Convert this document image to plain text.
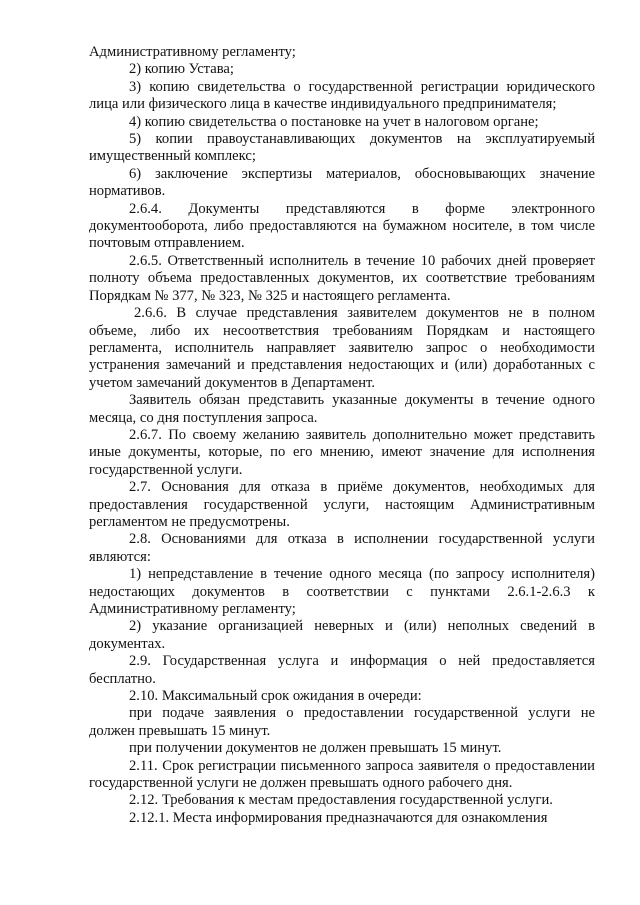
Административному регламенту;

2) копию Устава;

3) копию свидетельства о государственной регистрации юридического лица или физического лица в качестве индивидуального предпринимателя;

4) копию свидетельства о постановке на учет в налоговом органе;

5) копии правоустанавливающих документов на эксплуатируемый имущественный комплекс;

6) заключение экспертизы материалов, обосновывающих значение нормативов.

2.6.4. Документы представляются в форме электронного документооборота, либо предоставляются на бумажном носителе, в том числе почтовым отправлением.

2.6.5. Ответственный исполнитель в течение 10 рабочих дней проверяет полноту объема предоставленных документов, их соответствие требованиям Порядкам № 377, № 323, № 325 и настоящего регламента.

2.6.6. В случае представления заявителем документов не в полном объеме, либо их несоответствия требованиям Порядкам и настоящего регламента, исполнитель направляет заявителю запрос о необходимости устранения замечаний и представления недостающих и (или) доработанных с учетом замечаний документов в Департамент.

Заявитель обязан представить указанные документы в течение одного месяца, со дня поступления запроса.

2.6.7. По своему желанию заявитель дополнительно может представить иные документы, которые, по его мнению, имеют значение для исполнения государственной услуги.

2.7. Основания для отказа в приёме документов, необходимых для предоставления государственной услуги, настоящим Административным регламентом не предусмотрены.

2.8. Основаниями для отказа в исполнении государственной услуги являются:

1) непредставление в течение одного месяца (по запросу исполнителя) недостающих документов в соответствии с пунктами 2.6.1-2.6.3 к Административному регламенту;

2) указание организацией неверных и (или) неполных сведений в документах.

2.9. Государственная услуга и информация о ней предоставляется бесплатно.

2.10. Максимальный срок ожидания в очереди:

при подаче заявления о предоставлении государственной услуги не должен превышать 15 минут.

при получении документов не должен превышать 15 минут.

2.11. Срок регистрации письменного запроса заявителя о предоставлении государственной услуги не должен превышать одного рабочего дня.

2.12. Требования к местам предоставления государственной услуги.

2.12.1. Места информирования предназначаются для ознакомления
